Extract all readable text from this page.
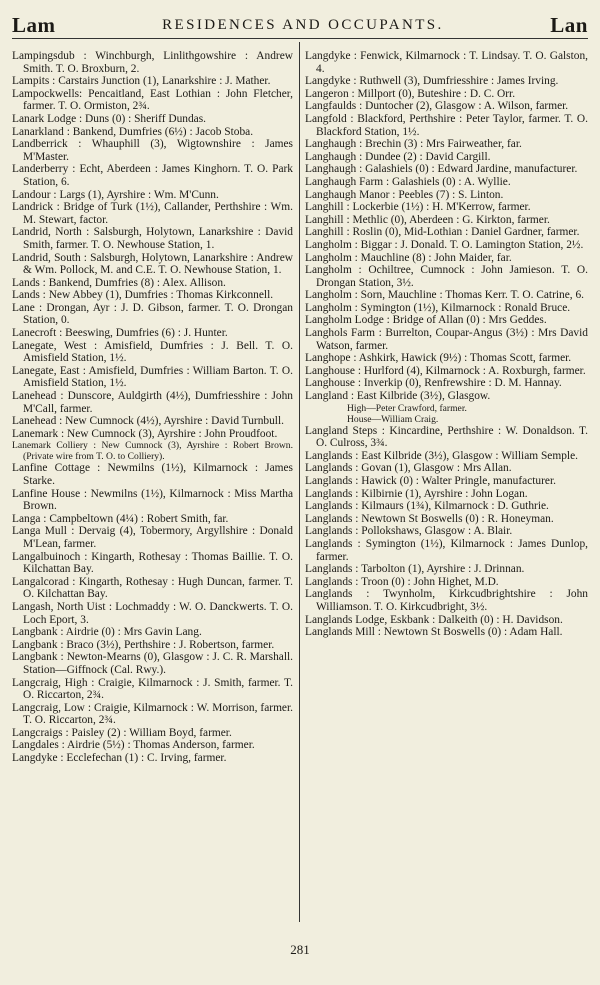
Lam	RESIDENCES AND OCCUPANTS.	Lan

Lampingsdub : Winchburgh, Linlithgowshire : Andrew Smith. T. O. Broxburn, 2.

Lampits : Carstairs Junction (1), Lanarkshire : J. Mather.

Lampockwells: Pencaitland, East Lothian : John Fletcher, farmer. T. O. Ormiston, 2¾.

Lanark Lodge : Duns (0) : Sheriff Dundas.

Lanarkland : Bankend, Dumfries (6½) : Jacob Stoba.

Landberrick : Whauphill (3), Wigtownshire : James M'Master.

Landerberry : Echt, Aberdeen : James Kinghorn. T. O. Park Station, 6.

Landour : Largs (1), Ayrshire : Wm. M'Cunn.

Landrick : Bridge of Turk (1½), Callander, Perthshire : Wm. M. Stewart, factor.

Landrid, North : Salsburgh, Holytown, Lanarkshire : David Smith, farmer. T. O. Newhouse Station, 1.

Landrid, South : Salsburgh, Holytown, Lanarkshire : Andrew & Wm. Pollock, M. and C.E. T. O. Newhouse Station, 1.

Lands : Bankend, Dumfries (8) : Alex. Allison.

Lands : New Abbey (1), Dumfries : Thomas Kirkconnell.

Lane : Drongan, Ayr : J. D. Gibson, farmer. T. O. Drongan Station, 0.

Lanecroft : Beeswing, Dumfries (6) : J. Hunter.

Lanegate, West : Amisfield, Dumfries : J. Bell. T. O. Amisfield Station, 1½.

Lanegate, East : Amisfield, Dumfries : William Barton. T. O. Amisfield Station, 1½.

Lanehead : Dunscore, Auldgirth (4½), Dumfriesshire : John M'Call, farmer.

Lanehead : New Cumnock (4½), Ayrshire : David Turnbull.

Lanemark : New Cumnock (3), Ayrshire : John Proudfoot.

Lanemark Colliery : New Cumnock (3), Ayrshire : Robert Brown. (Private wire from T. O. to Colliery).

Lanfine Cottage : Newmilns (1½), Kilmarnock : James Starke.

Lanfine House : Newmilns (1½), Kilmarnock : Miss Martha Brown.

Langa : Campbeltown (4¼) : Robert Smith, far.

Langa Mull : Dervaig (4), Tobermory, Argyllshire : Donald M'Lean, farmer.

Langalbuinoch : Kingarth, Rothesay : Thomas Baillie. T. O. Kilchattan Bay.

Langalcorad : Kingarth, Rothesay : Hugh Duncan, farmer. T. O. Kilchattan Bay.

Langash, North Uist : Lochmaddy : W. O. Danckwerts. T. O. Loch Eport, 3.

Langbank : Airdrie (0) : Mrs Gavin Lang.

Langbank : Braco (3½), Perthshire : J. Robertson, farmer.

Langbank : Newton-Mearns (0), Glasgow : J. C. R. Marshall. Station—Giffnock (Cal. Rwy.).

Langcraig, High : Craigie, Kilmarnock : J. Smith, farmer. T. O. Riccarton, 2¾.

Langcraig, Low : Craigie, Kilmarnock : W. Morrison, farmer. T. O. Riccarton, 2¾.

Langcraigs : Paisley (2) : William Boyd, farmer.

Langdales : Airdrie (5½) : Thomas Anderson, farmer.

Langdyke : Ecclefechan (1) : C. Irving, farmer.

Langdyke : Fenwick, Kilmarnock : T. Lindsay. T. O. Galston, 4.

Langdyke : Ruthwell (3), Dumfriesshire : James Irving.

Langeron : Millport (0), Buteshire : D. C. Orr.

Langfaulds : Duntocher (2), Glasgow : A. Wilson, farmer.

Langfold : Blackford, Perthshire : Peter Taylor, farmer. T. O. Blackford Station, 1½.

Langhaugh : Brechin (3) : Mrs Fairweather, far.

Langhaugh : Dundee (2) : David Cargill.

Langhaugh : Galashiels (0) : Edward Jardine, manufacturer.

Langhaugh Farm : Galashiels (0) : A. Wyllie.

Langhaugh Manor : Peebles (7) : S. Linton.

Langhill : Lockerbie (1½) : H. M'Kerrow, farmer.

Langhill : Methlic (0), Aberdeen : G. Kirkton, farmer.

Langhill : Roslin (0), Mid-Lothian : Daniel Gardner, farmer.

Langholm : Biggar : J. Donald. T. O. Lamington Station, 2½.

Langholm : Mauchline (8) : John Maider, far.

Langholm : Ochiltree, Cumnock : John Jamieson. T. O. Drongan Station, 3½.

Langholm : Sorn, Mauchline : Thomas Kerr. T. O. Catrine, 6.

Langholm : Symington (1½), Kilmarnock : Ronald Bruce.

Langholm Lodge : Bridge of Allan (0) : Mrs Geddes.

Langhols Farm : Burrelton, Coupar-Angus (3½) : Mrs David Watson, farmer.

Langhope : Ashkirk, Hawick (9½) : Thomas Scott, farmer.

Langhouse : Hurlford (4), Kilmarnock : A. Roxburgh, farmer.

Langhouse : Inverkip (0), Renfrewshire : D. M. Hannay.

Langland : East Kilbride (3½), Glasgow.

High—Peter Crawford, farmer.

House—William Craig.

Langland Steps : Kincardine, Perthshire : W. Donaldson. T. O. Culross, 3¾.

Langlands : East Kilbride (3½), Glasgow : William Semple.

Langlands : Govan (1), Glasgow : Mrs Allan.

Langlands : Hawick (0) : Walter Pringle, manufacturer.

Langlands : Kilbirnie (1), Ayrshire : John Logan.

Langlands : Kilmaurs (1¾), Kilmarnock : D. Guthrie.

Langlands : Newtown St Boswells (0) : R. Honeyman.

Langlands : Pollokshaws, Glasgow : A. Blair.

Langlands : Symington (1½), Kilmarnock : James Dunlop, farmer.

Langlands : Tarbolton (1), Ayrshire : J. Drinnan.

Langlands : Troon (0) : John Highet, M.D.

Langlands : Twynholm, Kirkcudbrightshire : John Williamson. T. O. Kirkcudbright, 3½.

Langlands Lodge, Eskbank : Dalkeith (0) : H. Davidson.

Langlands Mill : Newtown St Boswells (0) : Adam Hall.

281
